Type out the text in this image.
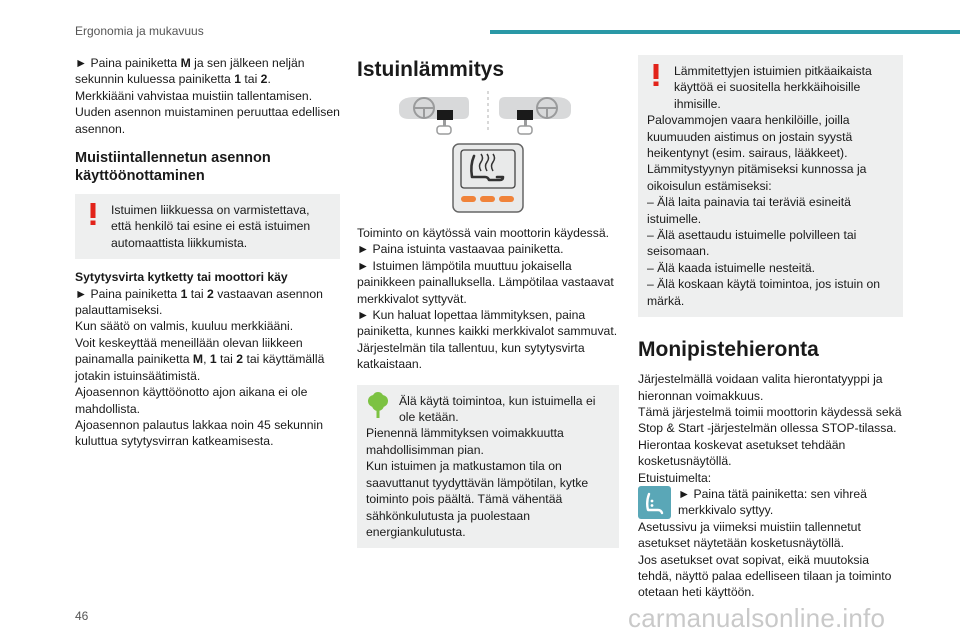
Ergonomia ja mukavuus

► Paina painiketta M ja sen jälkeen neljän sekunnin kuluessa painiketta 1 tai 2.

Merkkiääni vahvistaa muistiin tallentamisen.

Uuden asennon muistaminen peruuttaa edellisen asennon.

Muistiintallennetun asennon käyttöönottaminen
Istuimen liikkuessa on varmistettava, että henkilö tai esine ei estä istuimen automaattista liikkumista.

Sytytysvirta kytketty tai moottori käy

► Paina painiketta 1 tai 2 vastaavan asennon palauttamiseksi.

Kun säätö on valmis, kuuluu merkkiääni.

Voit keskeyttää meneillään olevan liikkeen

painamalla painiketta M, 1 tai 2 tai käyttämällä jotakin istuinsäätimistä.

Ajoasennon käyttöönotto ajon aikana ei ole mahdollista.

Ajoasennon palautus lakkaa noin 45 sekunnin kuluttua sytytysvirran katkeamisesta.

Istuinlämmitys

Toiminto on käytössä vain moottorin käydessä.

► Paina istuinta vastaavaa painiketta.

► Istuimen lämpötila muuttuu jokaisella painikkeen painalluksella. Lämpötilaa vastaavat merkkivalot syttyvät.

► Kun haluat lopettaa lämmityksen, paina painiketta, kunnes kaikki merkkivalot sammuvat.

Järjestelmän tila tallentuu, kun sytytysvirta katkaistaan.

Älä käytä toimintoa, kun istuimella ei ole ketään.
Pienennä lämmityksen voimakkuutta mahdollisimman pian.
Kun istuimen ja matkustamon tila on saavuttanut tyydyttävän lämpötilan, kytke toiminto pois päältä. Tämä vähentää sähkönkulutusta ja puolestaan energiankulutusta.
Lämmitettyjen istuimien pitkäaikaista käyttöä ei suositella herkkäihoisille ihmisille.
Palovammojen vaara henkilöille, joilla kuumuuden aistimus on jostain syystä heikentynyt (esim. sairaus, lääkkeet).
Lämmitystyynyn pitämiseksi kunnossa ja oikoisulun estämiseksi:
– Älä laita painavia tai teräviä esineitä istuimelle.
– Älä asettaudu istuimelle polvilleen tai seisomaan.
– Älä kaada istuimelle nesteitä.
– Älä koskaan käytä toimintoa, jos istuin on märkä.
Monipistehieronta

Järjestelmällä voidaan valita hierontatyyppi ja hieronnan voimakkuus.

Tämä järjestelmä toimii moottorin käydessä sekä Stop & Start -järjestelmän ollessa STOP-tilassa.

Hierontaa koskevat asetukset tehdään kosketusnäytöllä.

Etuistuimelta:

► Paina tätä painiketta: sen vihreä merkkivalo syttyy.

Asetussivu ja viimeksi muistiin tallennetut asetukset näytetään kosketusnäytöllä.

Jos asetukset ovat sopivat, eikä muutoksia tehdä, näyttö palaa edelliseen tilaan ja toiminto otetaan heti käyttöön.

46	carmanualsonline.info
